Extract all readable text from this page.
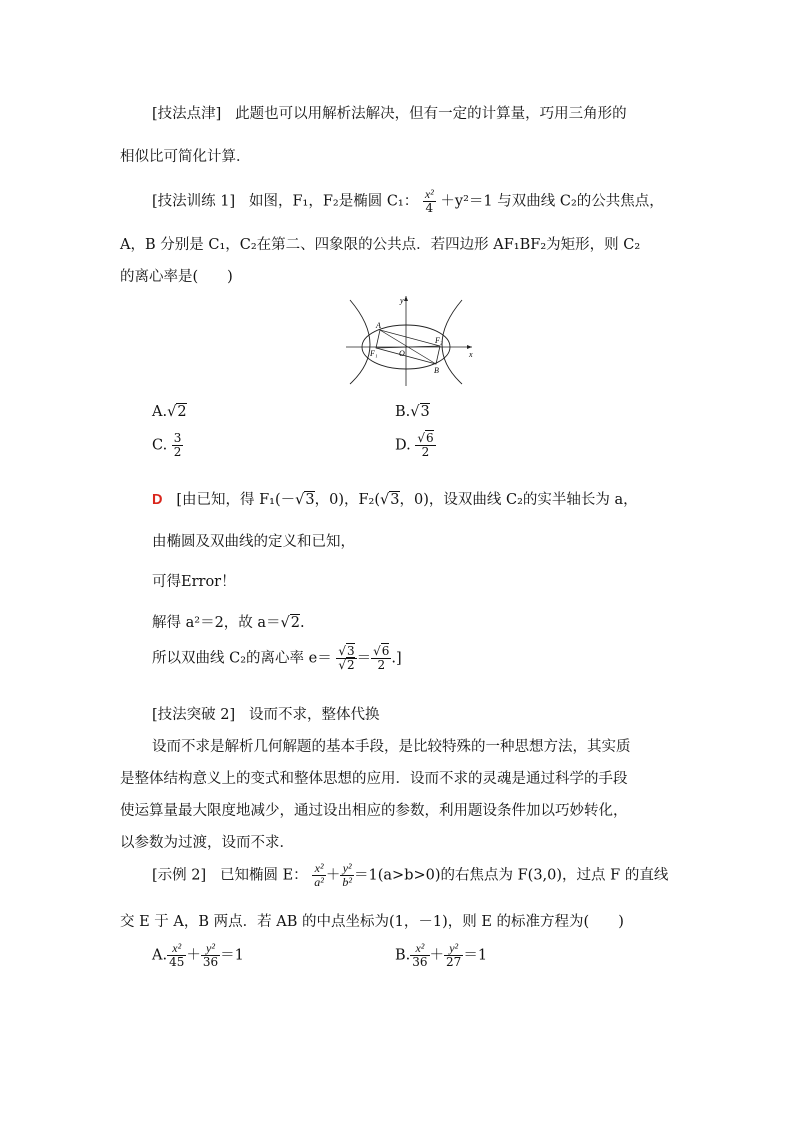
[技法点津] 此题也可以用解析法解决，但有一定的计算量，巧用三角形的
相似比可简化计算．
[技法训练 1] 如图，F₁，F₂是椭圆 C₁： $\frac{\text{x²}}{4} +y^2=1$ 与双曲线 C₂的公共焦点，
A，B 分别是 C₁，C₂在第二、四象限的公共点．若四边形 AF₁BF₂为矩形，则 C₂
的离心率是(　　)
y
x
A
B
F₁
F₂
O
A.√2	B.√3
C. $\frac{3}{2}$	D. $\frac{√6}{2}$
D [由已知，得 F₁(－√3，0)，F₂(√3，0)，设双曲线 C₂的实半轴长为 a，
由椭圆及双曲线的定义和已知，
可得Error！
解得 a²＝2，故 a＝√2.
所以双曲线 C₂的离心率 $e= \frac{√3}{√2} = \frac{√6}{2}$ .]
[技法突破 2] 设而不求，整体代换
设而不求是解析几何解题的基本手段，是比较特殊的一种思想方法，其实质
是整体结构意义上的变式和整体思想的应用．设而不求的灵魂是通过科学的手段
使运算量最大限度地减少，通过设出相应的参数，利用题设条件加以巧妙转化，
以参数为过渡，设而不求．
[示例 2] 已知椭圆 E： $\frac{\text{x²}}{\text{a²}} + \frac{\text{y²}}{\text{b²}} =1(a>b>0)$的右焦点为 F(3,0)，过点 F 的直线
交 E 于 A，B 两点．若 AB 的中点坐标为(1，－1)，则 E 的标准方程为(　　)
A. $\frac{\text{x²}}{45} + \frac{\text{y²}}{36} =1$	B. $\frac{\text{x²}}{36} + \frac{\text{y²}}{27} =1$
